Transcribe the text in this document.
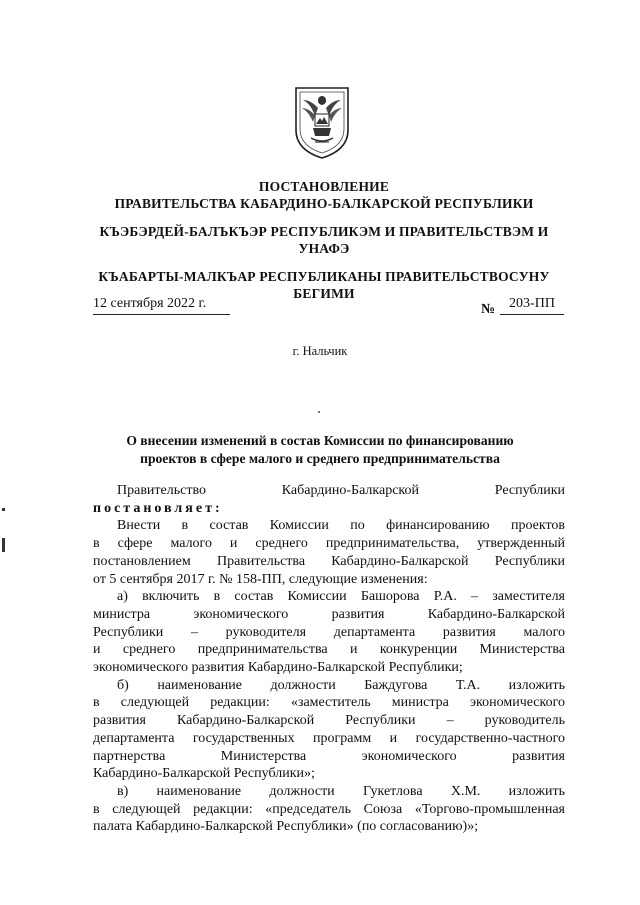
ПОСТАНОВЛЕНИЕ
ПРАВИТЕЛЬСТВА КАБАРДИНО-БАЛКАРСКОЙ РЕСПУБЛИКИ
КЪЭБЭРДЕЙ-БАЛЪКЪЭР РЕСПУБЛИКЭМ И ПРАВИТЕЛЬСТВЭМ И
УНАФЭ
КЪАБАРТЫ-МАЛКЪАР РЕСПУБЛИКАНЫ ПРАВИТЕЛЬСТВОСУНУ
БЕГИМИ
12 сентября 2022 г.	№ 203-ПП
г. Нальчик
О внесении изменений в состав Комиссии по финансированию
проектов в сфере малого и среднего предпринимательства
Правительство Кабардино-Балкарской Республики
постановляет:
Внести в состав Комиссии по финансированию проектов
в сфере малого и среднего предпринимательства, утвержденный
постановлением Правительства Кабардино-Балкарской Республики
от 5 сентября 2017 г. № 158-ПП, следующие изменения:
а) включить в состав Комиссии Башорова Р.А. – заместителя
министра экономического развития Кабардино-Балкарской
Республики – руководителя департамента развития малого
и среднего предпринимательства и конкуренции Министерства
экономического развития Кабардино-Балкарской Республики;
б) наименование должности Баждугова Т.А. изложить
в следующей редакции: «заместитель министра экономического
развития Кабардино-Балкарской Республики – руководитель
департамента государственных программ и государственно-частного
партнерства Министерства экономического развития
Кабардино-Балкарской Республики»;
в) наименование должности Гукетлова Х.М. изложить
в следующей редакции: «председатель Союза «Торгово-промышленная
палата Кабардино-Балкарской Республики» (по согласованию)»;
